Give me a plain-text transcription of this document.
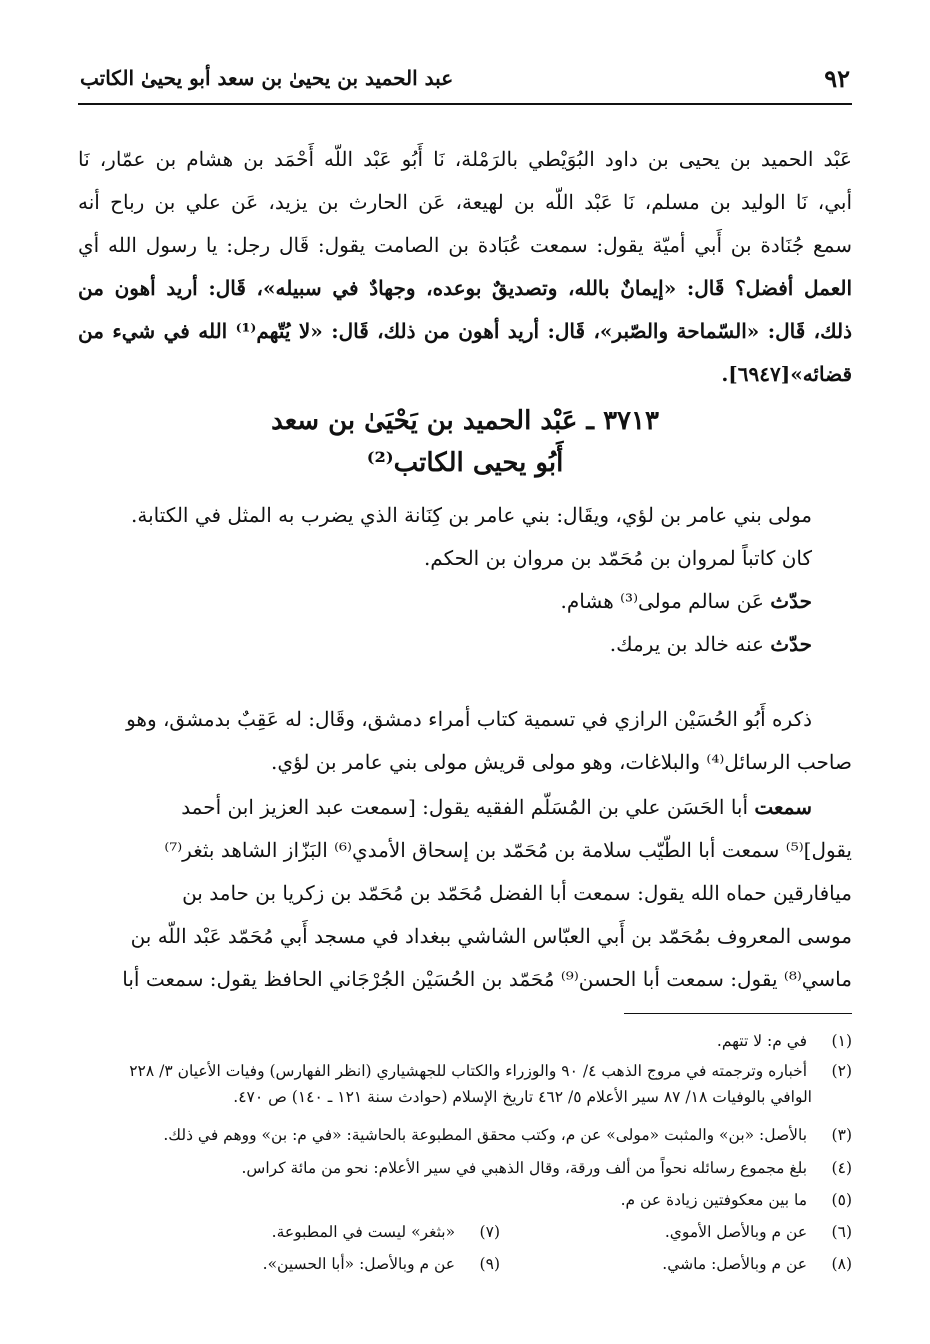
عبد الحميد بن يحيىٰ بن سعد أبو يحيىٰ الكاتب	٩٢
عَبْد الحميد بن يحيى بن داود البُوَيْطي بالرَمْلة، نَا أَبُو عَبْد اللّه أَحْمَد بن هشام بن عمّار، نَا
أبي، نَا الوليد بن مسلم، نَا عَبْد اللّه بن لهيعة، عَن الحارث بن يزيد، عَن علي بن رباح أنه
سمع جُنَادة بن أَبي أميّة يقول: سمعت عُبَادة بن الصامت يقول: قَال رجل: يا رسول الله أي
العمل أفضل؟ قَال: «إيمانٌ بالله، وتصديقٌ بوعده، وجهادٌ في سبيله»، قَال: أريد أهون من
ذلك، قَال: «السّماحة والصّبر»، قَال: أريد أهون من ذلك، قَال: «لا يُتّهم⁽¹⁾ الله في شيء من
قضائه»[٦٩٤٧].
٣٧١٣ ـ عَبْد الحميد بن يَحْيَىٰ بن سعد
أَبُو يحيى الكاتب⁽²⁾
مولى بني عامر بن لؤي، ويقَال: بني عامر بن كِنَانة الذي يضرب به المثل في الكتابة.
كان كاتباً لمروان بن مُحَمّد بن مروان بن الحكم.
حدّث عَن سالم مولى⁽³⁾ هشام.
حدّث عنه خالد بن يرمك.
ذكره أَبُو الحُسَيْن الرازي في تسمية كتاب أمراء دمشق، وقَال: له عَقِبٌ بدمشق، وهو
صاحب الرسائل⁽⁴⁾ والبلاغات، وهو مولى قريش مولى بني عامر بن لؤي.
سمعت أبا الحَسَن علي بن المُسَلّم الفقيه يقول: [سمعت عبد العزيز ابن أحمد
يقول]⁽⁵⁾ سمعت أبا الطّيّب سلامة بن مُحَمّد بن إسحاق الأمدي⁽⁶⁾ البَزّاز الشاهد بثغر⁽⁷⁾
ميافارقين حماه الله يقول: سمعت أبا الفضل مُحَمّد بن مُحَمّد بن زكريا بن حامد بن
موسى المعروف بمُحَمّد بن أَبي العبّاس الشاشي ببغداد في مسجد أَبي مُحَمّد عَبْد اللّه بن
ماسي⁽⁸⁾ يقول: سمعت أبا الحسن⁽⁹⁾ مُحَمّد بن الحُسَيْن الجُرْجَاني الحافظ يقول: سمعت أبا
(١) في م: لا تتهم.
(٢) أخباره وترجمته في مروج الذهب ٤/ ٩٠ والوزراء والكتاب للجهشياري (انظر الفهارس) وفيات الأعيان ٣/ ٢٢٨
الوافي بالوفيات ١٨/ ٨٧ سير الأعلام ٥/ ٤٦٢ تاريخ الإسلام (حوادث سنة ١٢١ ـ ١٤٠) ص ٤٧٠.
(٣) بالأصل: «بن» والمثبت «مولى» عن م، وكتب محقق المطبوعة بالحاشية: «في م: بن» ووهم في ذلك.
(٤) بلغ مجموع رسائله نحواً من ألف ورقة، وقال الذهبي في سير الأعلام: نحو من مائة كراس.
(٥) ما بين معكوفتين زيادة عن م.
(٦) عن م وبالأصل الأموي.
(٧) «بثغر» ليست في المطبوعة.
(٨) عن م وبالأصل: ماشي.
(٩) عن م وبالأصل: «أبا الحسين».
